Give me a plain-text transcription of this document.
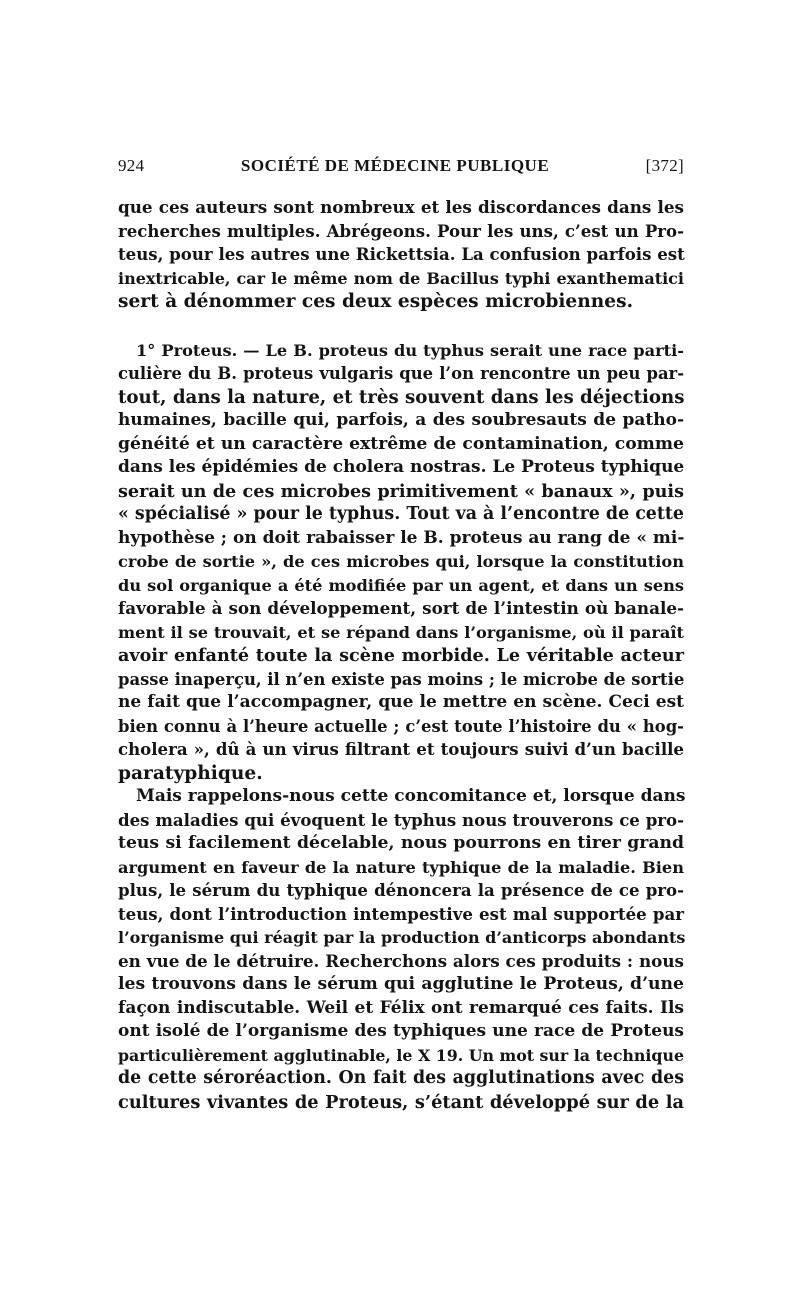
924	SOCIÉTÉ DE MÉDECINE PUBLIQUE	[372]
que ces auteurs sont nombreux et les discordances dans les
recherches multiples. Abrégeons. Pour les uns, c’est un Pro-
teus, pour les autres une Rickettsia. La confusion parfois est
inextricable, car le même nom de Bacillus typhi exanthematici
sert à dénommer ces deux espèces microbiennes.
1° Proteus. — Le B. proteus du typhus serait une race parti-
culière du B. proteus vulgaris que l’on rencontre un peu par-
tout, dans la nature, et très souvent dans les déjections
humaines, bacille qui, parfois, a des soubresauts de patho-
généité et un caractère extrême de contamination, comme
dans les épidémies de cholera nostras. Le Proteus typhique
serait un de ces microbes primitivement « banaux », puis
« spécialisé » pour le typhus. Tout va à l’encontre de cette
hypothèse ; on doit rabaisser le B. proteus au rang de « mi-
crobe de sortie », de ces microbes qui, lorsque la constitution
du sol organique a été modifiée par un agent, et dans un sens
favorable à son développement, sort de l’intestin où banale-
ment il se trouvait, et se répand dans l’organisme, où il paraît
avoir enfanté toute la scène morbide. Le véritable acteur
passe inaperçu, il n’en existe pas moins ; le microbe de sortie
ne fait que l’accompagner, que le mettre en scène. Ceci est
bien connu à l’heure actuelle ; c’est toute l’histoire du « hog-
cholera », dû à un virus filtrant et toujours suivi d’un bacille
paratyphique.
Mais rappelons-nous cette concomitance et, lorsque dans
des maladies qui évoquent le typhus nous trouverons ce pro-
teus si facilement décelable, nous pourrons en tirer grand
argument en faveur de la nature typhique de la maladie. Bien
plus, le sérum du typhique dénoncera la présence de ce pro-
teus, dont l’introduction intempestive est mal supportée par
l’organisme qui réagit par la production d’anticorps abondants
en vue de le détruire. Recherchons alors ces produits : nous
les trouvons dans le sérum qui agglutine le Proteus, d’une
façon indiscutable. Weil et Félix ont remarqué ces faits. Ils
ont isolé de l’organisme des typhiques une race de Proteus
particulièrement agglutinable, le X 19. Un mot sur la technique
de cette séroréaction. On fait des agglutinations avec des
cultures vivantes de Proteus, s’étant développé sur de la
